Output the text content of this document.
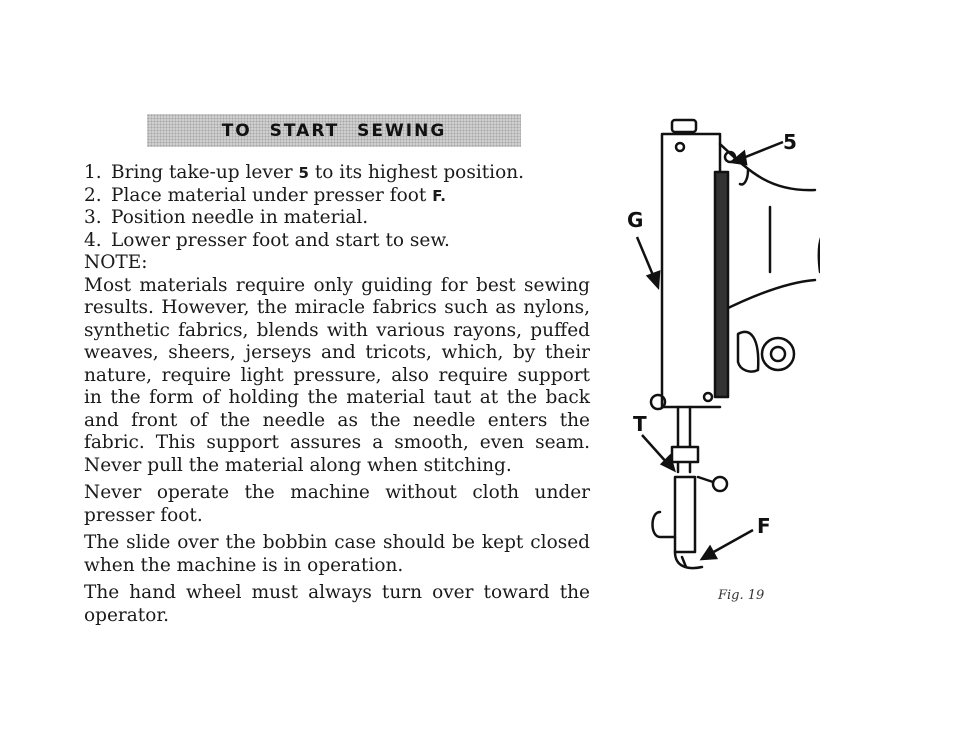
TO START SEWING
1. Bring take-up lever 5 to its highest position.
2. Place material under presser foot F.
3. Position needle in material.
4. Lower presser foot and start to sew.

NOTE:

Most materials require only guiding for best sewing results. However, the miracle fabrics such as nylons, synthetic fabrics, blends with various rayons, puffed weaves, sheers, jerseys and tricots, which, by their nature, require light pressure, also require support in the form of holding the material taut at the back and front of the needle as the needle enters the fabric. This support assures a smooth, even seam. Never pull the material along when stitching.

Never operate the machine without cloth under presser foot.

The slide over the bobbin case should be kept closed when the machine is in operation.

The hand wheel must always turn over toward the operator.

5
G
T
F
Fig. 19
